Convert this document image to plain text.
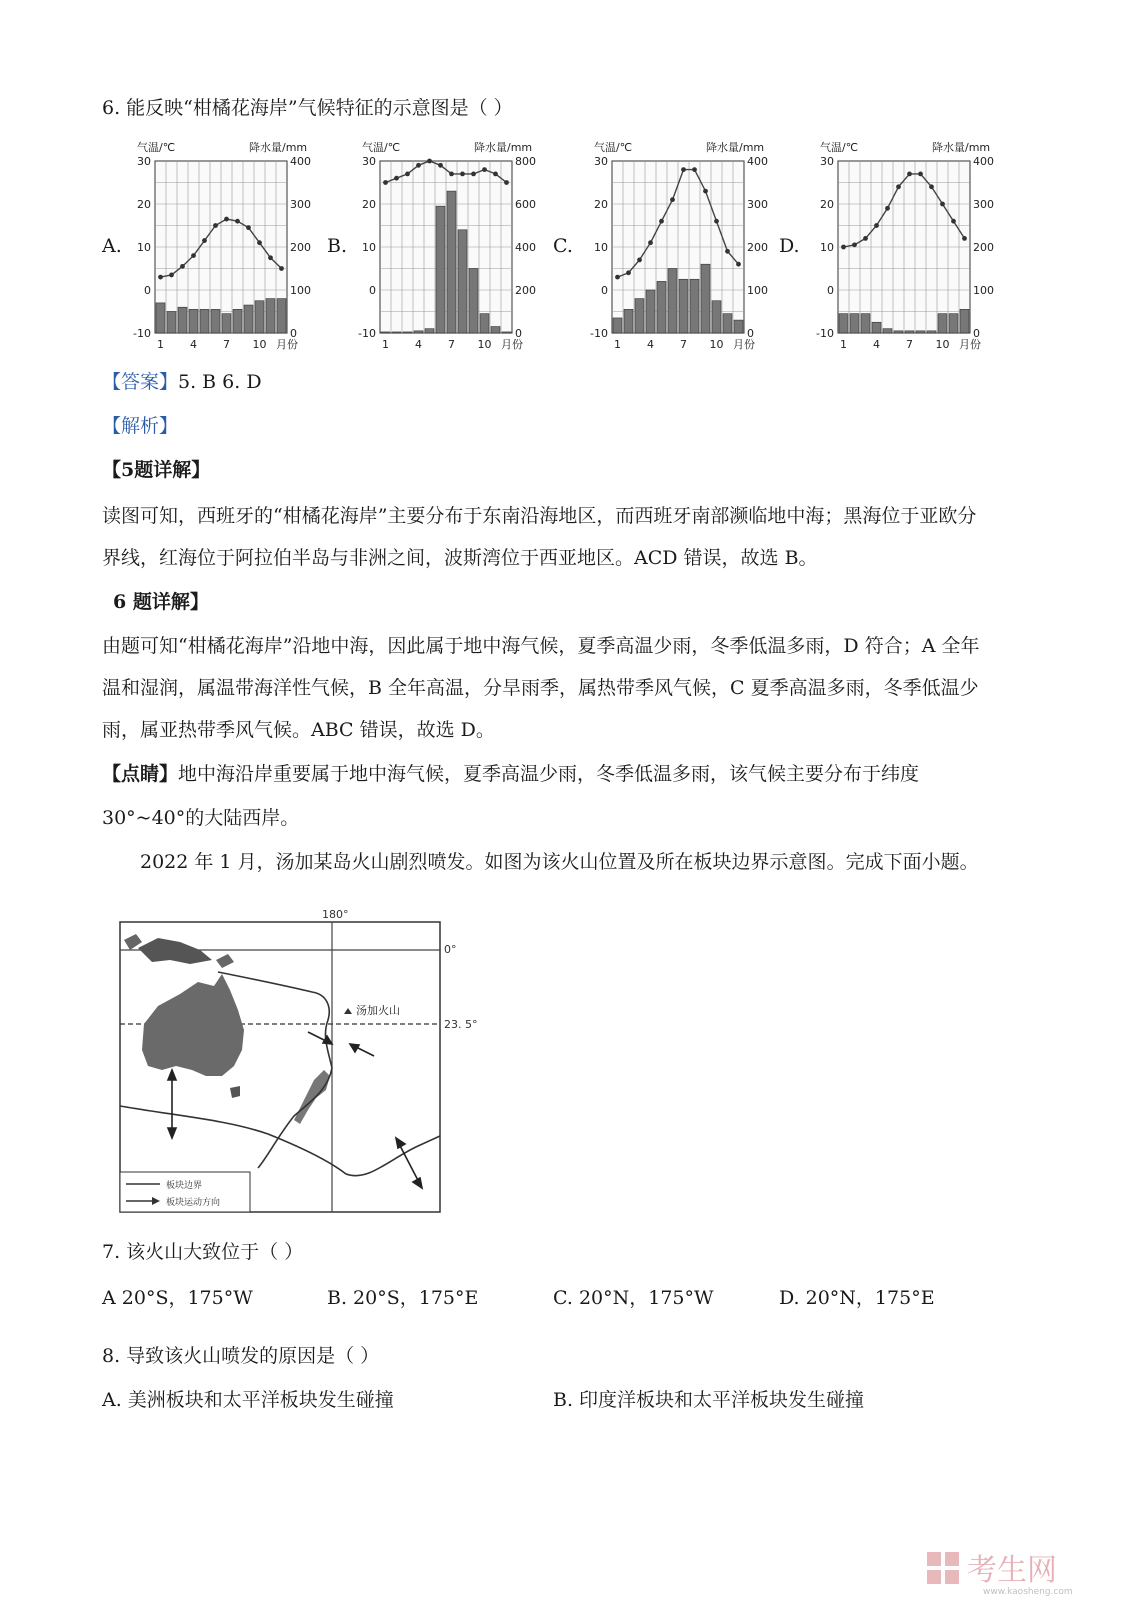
6. 能反映“柑橘花海岸”气候特征的示意图是（ ）
A.
气温/℃	降水量/mm
30
20
10
0
-10
400
300
200
100
0
1 4 7 10 月份
B.
气温/℃	降水量/mm
30
20
10
0
-10
800
600
400
200
0
1 4 7 10 月份
C.
气温/℃	降水量/mm
30
20
10
0
-10
400
300
200
100
0
1 4 7 10 月份
D.
气温/℃	降水量/mm
30
20
10
0
-10
400
300
200
100
0
1 4 7 10 月份
【答案】5. B 6. D
【解析】
【5题详解】
读图可知，西班牙的“柑橘花海岸”主要分布于东南沿海地区，而西班牙南部濒临地中海；黑海位于亚欧分
界线，红海位于阿拉伯半岛与非洲之间，波斯湾位于西亚地区。ACD 错误，故选 B。
6 题详解】
由题可知“柑橘花海岸”沿地中海，因此属于地中海气候，夏季高温少雨，冬季低温多雨，D 符合；A 全年
温和湿润，属温带海洋性气候，B 全年高温，分旱雨季，属热带季风气候，C 夏季高温多雨，冬季低温少
雨，属亚热带季风气候。ABC 错误，故选 D。
【点睛】地中海沿岸重要属于地中海气候，夏季高温少雨，冬季低温多雨，该气候主要分布于纬度
30°~40°的大陆西岸。
2022 年 1 月，汤加某岛火山剧烈喷发。如图为该火山位置及所在板块边界示意图。完成下面小题。
180°
0°
23. 5°
汤加火山
板块边界
板块运动方向
7. 该火山大致位于（ ）
A 20°S，175°W	B. 20°S，175°E	C. 20°N，175°W	D. 20°N，175°E
8. 导致该火山喷发的原因是（ ）
A. 美洲板块和太平洋板块发生碰撞	B. 印度洋板块和太平洋板块发生碰撞
考生网
www.kaosheng.com
